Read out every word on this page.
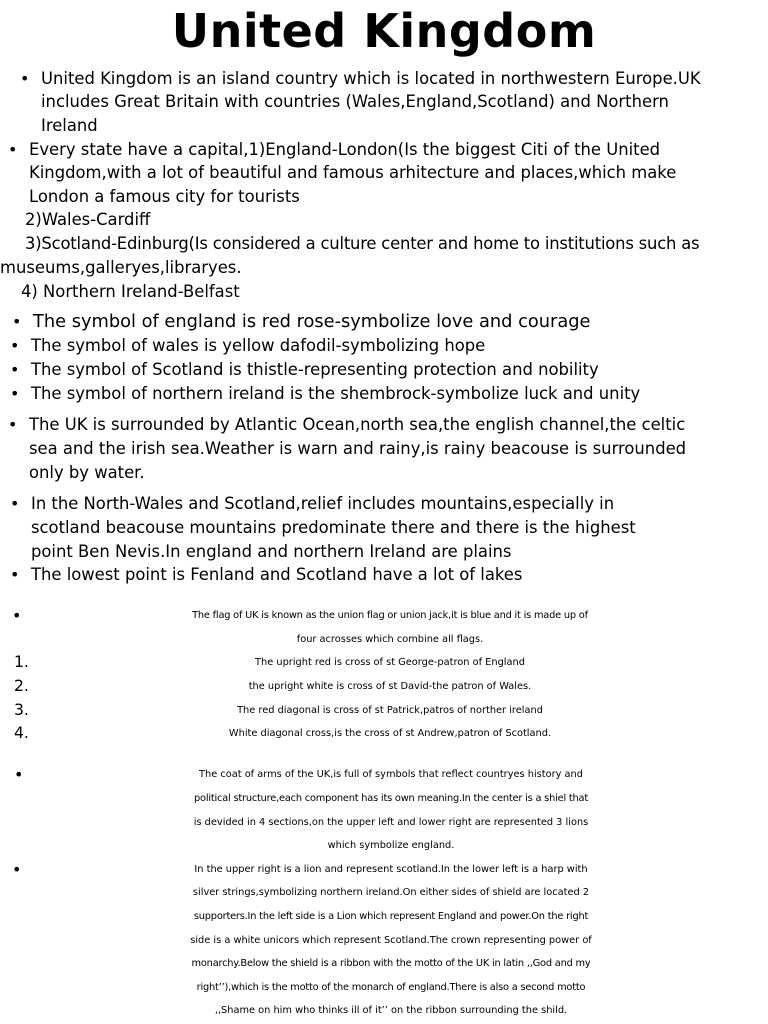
United Kingdom
• United Kingdom is an island country which is located in northwestern Europe.UK
includes Great Britain with countries (Wales,England,Scotland) and Northern
Ireland
• Every state have a capital,1)England-London(Is the biggest Citi of the United
Kingdom,with a lot of beautiful and famous arhitecture and places,which make
London a famous city for tourists
2)Wales-Cardiff
3)Scotland-Edinburg(Is considered a culture center and home to institutions such as
museums,galleryes,libraryes.
4) Northern Ireland-Belfast
• The symbol of england is red rose-symbolize love and courage
• The symbol of wales is yellow dafodil-symbolizing hope
• The symbol of Scotland is thistle-representing protection and nobility
• The symbol of northern ireland is the shembrock-symbolize luck and unity
• The UK is surrounded by Atlantic Ocean,north sea,the english channel,the celtic
sea and the irish sea.Weather is warn and rainy,is rainy beacouse is surrounded
only by water.
• In the North-Wales and Scotland,relief includes mountains,especially in
scotland beacouse mountains predominate there and there is the highest
point Ben Nevis.In england and northern Ireland are plains
• The lowest point is Fenland and Scotland have a lot of lakes
•	The flag of UK is known as the union flag or union jack,it is blue and it is made up of
four acrosses which combine all flags.
1.	The upright red is cross of st George-patron of England
2.	the upright white is cross of st David-the patron of Wales.
3.	The red diagonal is cross of st Patrick,patros of norther ireland
4.	White diagonal cross,is the cross of st Andrew,patron of Scotland.
•	The coat of arms of the UK,is full of symbols that reflect countryes history and
political structure,each component has its own meaning.In the center is a shiel that
is devided in 4 sections,on the upper left and lower right are represented 3 lions
which symbolize england.
•	In the upper right is a lion and represent scotland.In the lower left is a harp with
silver strings,symbolizing northern ireland.On either sides of shield are located 2
supporters.In the left side is a Lion which represent England and power.On the right
side is a white unicors which represent Scotland.The crown representing power of
monarchy.Below the shield is a ribbon with the motto of the UK in latin ,,God and my
right’’),which is the motto of the monarch of england.There is also a second motto
,,Shame on him who thinks ill of it’’ on the ribbon surrounding the shild.
